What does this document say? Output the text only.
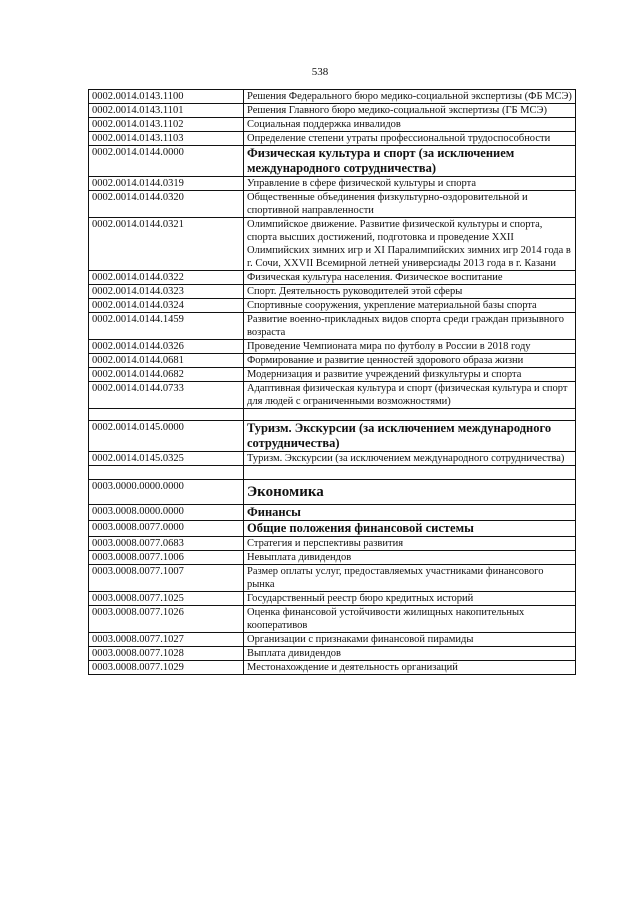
538
0002.0014.0143.1100	Решения Федерального бюро медико-социальной экспертизы (ФБ МСЭ)
0002.0014.0143.1101	Решения Главного бюро медико-социальной экспертизы (ГБ МСЭ)
0002.0014.0143.1102	Социальная поддержка инвалидов
0002.0014.0143.1103	Определение степени утраты профессиональной трудоспособности
0002.0014.0144.0000	Физическая культура и спорт (за исключением международного сотрудничества)
0002.0014.0144.0319	Управление в сфере физической культуры и спорта
0002.0014.0144.0320	Общественные объединения физкультурно-оздоровительной и спортивной направленности
0002.0014.0144.0321	Олимпийское движение. Развитие физической культуры и спорта, спорта высших достижений, подготовка и проведение XXII Олимпийских зимних игр и XI Паралимпийских зимних игр 2014 года в г. Сочи, XXVII Всемирной летней универсиады 2013 года в г. Казани
0002.0014.0144.0322	Физическая культура населения. Физическое воспитание
0002.0014.0144.0323	Спорт. Деятельность руководителей этой сферы
0002.0014.0144.0324	Спортивные сооружения, укрепление материальной базы спорта
0002.0014.0144.1459	Развитие военно-прикладных видов спорта среди граждан призывного возраста
0002.0014.0144.0326	Проведение Чемпионата мира по футболу в России в 2018 году
0002.0014.0144.0681	Формирование и развитие ценностей здорового образа жизни
0002.0014.0144.0682	Модернизация и развитие учреждений физкультуры и спорта
0002.0014.0144.0733	Адаптивная физическая культура и спорт (физическая культура и спорт для людей с ограниченными возможностями)

0002.0014.0145.0000	Туризм. Экскурсии (за исключением международного сотрудничества)
0002.0014.0145.0325	Туризм. Экскурсии (за исключением международного сотрудничества)

0003.0000.0000.0000	Экономика
0003.0008.0000.0000	Финансы
0003.0008.0077.0000	Общие положения финансовой системы
0003.0008.0077.0683	Стратегия и перспективы развития
0003.0008.0077.1006	Невыплата дивидендов
0003.0008.0077.1007	Размер оплаты услуг, предоставляемых участниками финансового рынка
0003.0008.0077.1025	Государственный реестр бюро кредитных историй
0003.0008.0077.1026	Оценка финансовой устойчивости жилищных накопительных кооперативов
0003.0008.0077.1027	Организации с признаками финансовой пирамиды
0003.0008.0077.1028	Выплата дивидендов
0003.0008.0077.1029	Местонахождение и деятельность организаций
